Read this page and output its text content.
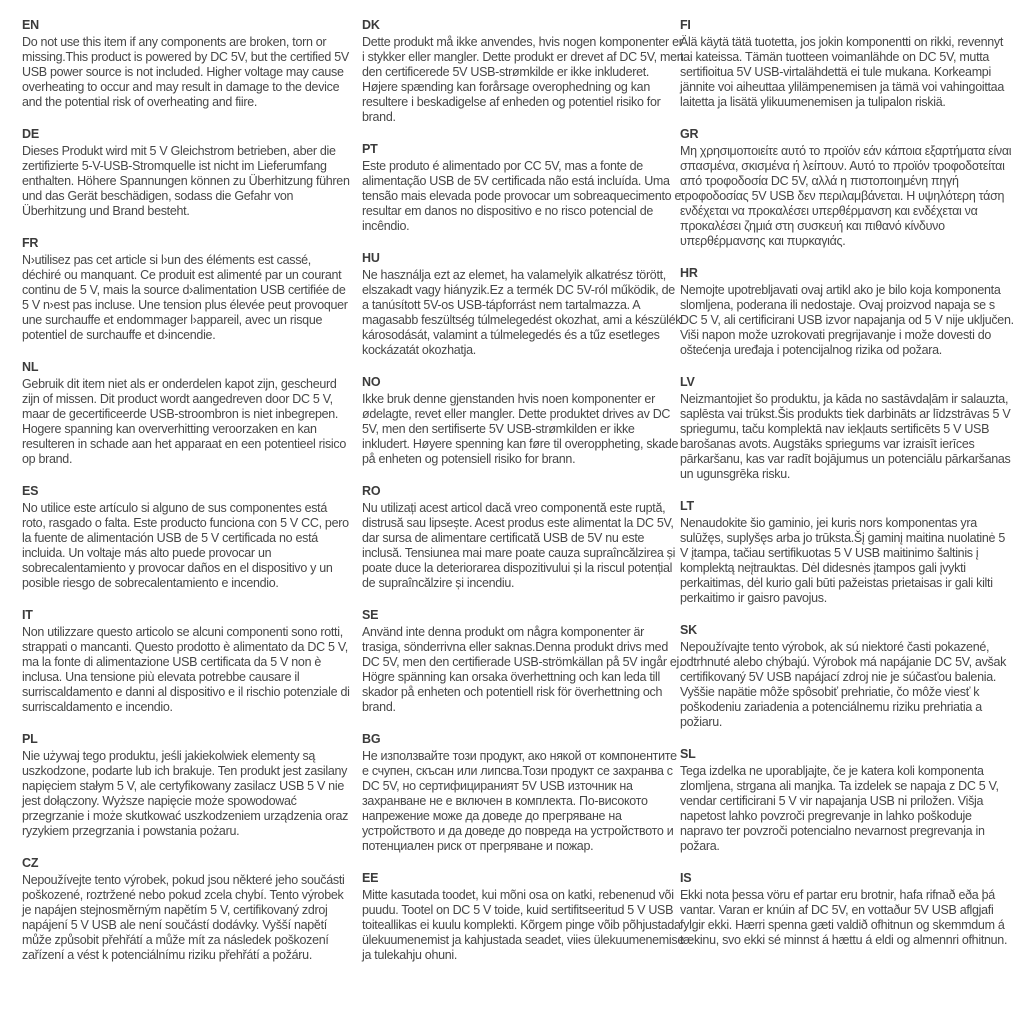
EN

Do not use this item if any components are broken, torn or missing.This product is powered by DC 5V, but the certified 5V USB power source is not included. Higher voltage may cause overheating to occur and may result in damage to the device and the potential risk of overheating and fiire.

DE

Dieses Produkt wird mit 5 V Gleichstrom betrieben, aber die zertifizierte 5-V-USB-Stromquelle ist nicht im Lieferumfang enthalten. Höhere Spannungen können zu Überhitzung führen und das Gerät beschädigen, sodass die Gefahr von Überhitzung und Brand besteht.

FR

N›utilisez pas cet article si l›un des éléments est cassé, déchiré ou manquant. Ce produit est alimenté par un courant continu de 5 V, mais la source d›alimentation USB certifiée de 5 V n›est pas incluse. Une tension plus élevée peut provoquer une surchauffe et endommager l›appareil, avec un risque potentiel de surchauffe et d›incendie.

NL

Gebruik dit item niet als er onderdelen kapot zijn, gescheurd zijn of missen. Dit product wordt aangedreven door DC 5 V, maar de gecertificeerde USB-stroombron is niet inbegrepen. Hogere spanning kan oververhitting veroorzaken en kan resulteren in schade aan het apparaat en een potentieel risico op brand.

ES

No utilice este artículo si alguno de sus componentes está roto, rasgado o falta. Este producto funciona con 5 V CC, pero la fuente de alimentación USB de 5 V certificada no está incluida. Un voltaje más alto puede provocar un sobrecalentamiento y provocar daños en el dispositivo y un posible riesgo de sobrecalentamiento e incendio.

IT

Non utilizzare questo articolo se alcuni componenti sono rotti, strappati o mancanti. Questo prodotto è alimentato da DC 5 V, ma la fonte di alimentazione USB certificata da 5 V non è inclusa. Una tensione più elevata potrebbe causare il surriscaldamento e danni al dispositivo e il rischio potenziale di surriscaldamento e incendio.

PL

Nie używaj tego produktu, jeśli jakiekolwiek elementy są uszkodzone, podarte lub ich brakuje. Ten produkt jest zasilany napięciem stałym 5 V, ale certyfikowany zasilacz USB 5 V nie jest dołączony. Wyższe napięcie może spowodować przegrzanie i może skutkować uszkodzeniem urządzenia oraz ryzykiem przegrzania i powstania pożaru.

CZ

Nepoužívejte tento výrobek, pokud jsou některé jeho součásti poškozené, roztržené nebo pokud zcela chybí. Tento výrobek je napájen stejnosměrným napětím 5 V, certifikovaný zdroj napájení 5 V USB ale není součástí dodávky. Vyšší napětí může způsobit přehřátí a může mít za následek poškození zařízení a vést k potenciálnímu riziku přehřátí a požáru.

DK

Dette produkt må ikke anvendes, hvis nogen komponenter er i stykker eller mangler. Dette produkt er drevet af DC 5V, men den certificerede 5V USB-strømkilde er ikke inkluderet. Højere spænding kan forårsage overophedning og kan resultere i beskadigelse af enheden og potentiel risiko for brand.

PT

Este produto é alimentado por CC 5V, mas a fonte de alimentação USB de 5V certificada não está incluída. Uma tensão mais elevada pode provocar um sobreaquecimento e resultar em danos no dispositivo e no risco potencial de incêndio.

HU

Ne használja ezt az elemet, ha valamelyik alkatrész törött, elszakadt vagy hiányzik.Ez a termék DC 5V-ról működik, de a tanúsított 5V-os USB-tápforrást nem tartalmazza. A magasabb feszültség túlmelegedést okozhat, ami a készülék károsodását, valamint a túlmelegedés és a tűz esetleges kockázatát okozhatja.

NO

Ikke bruk denne gjenstanden hvis noen komponenter er ødelagte, revet eller mangler. Dette produktet drives av DC 5V, men den sertifiserte 5V USB-strømkilden er ikke inkludert. Høyere spenning kan føre til overoppheting, skade på enheten og potensiell risiko for brann.

RO

Nu utilizați acest articol dacă vreo componentă este ruptă, distrusă sau lipsește. Acest produs este alimentat la DC 5V, dar sursa de alimentare certificată USB de 5V nu este inclusă. Tensiunea mai mare poate cauza supraîncălzirea și poate duce la deteriorarea dispozitivului și la riscul potențial de supraîncălzire și incendiu.

SE

Använd inte denna produkt om några komponenter är trasiga, sönderrivna eller saknas.Denna produkt drivs med DC 5V, men den certifierade USB-strömkällan på 5V ingår ej. Högre spänning kan orsaka överhettning och kan leda till skador på enheten och potentiell risk för överhettning och brand.

BG

Не използвайте този продукт, ако някой от компонентите е счупен, скъсан или липсва.Този продукт се захранва с DC 5V, но сертифицираният 5V USB източник на захранване не е включен в комплекта. По-високото напрежение може да доведе до прегряване на устройството и да доведе до повреда на устройството и потенциален риск от прегряване и пожар.

EE

Mitte kasutada toodet, kui mõni osa on katki, rebenenud või puudu. Tootel on DC 5 V toide, kuid sertifitseeritud 5 V USB toiteallikas ei kuulu komplekti. Kõrgem pinge võib põhjustada ülekuumenemist ja kahjustada seadet, viies ülekuumenemise ja tulekahju ohuni.

FI

Älä käytä tätä tuotetta, jos jokin komponentti on rikki, revennyt tai kateissa. Tämän tuotteen voimanlähde on DC 5V, mutta sertifioitua 5V USB-virtalähdettä ei tule mukana. Korkeampi jännite voi aiheuttaa ylilämpenemisen ja tämä voi vahingoittaa laitetta ja lisätä ylikuumenemisen ja tulipalon riskiä.

GR

Μη χρησιμοποιείτε αυτό το προϊόν εάν κάποια εξαρτήματα είναι σπασμένα, σκισμένα ή λείπουν. Αυτό το προϊόν τροφοδοτείται από τροφοδοσία DC 5V, αλλά η πιστοποιημένη πηγή τροφοδοσίας 5V USB δεν περιλαμβάνεται. Η υψηλότερη τάση ενδέχεται να προκαλέσει υπερθέρμανση και ενδέχεται να προκαλέσει ζημιά στη συσκευή και πιθανό κίνδυνο υπερθέρμανσης και πυρκαγιάς.

HR

Nemojte upotrebljavati ovaj artikl ako je bilo koja komponenta slomljena, poderana ili nedostaje. Ovaj proizvod napaja se s DC 5 V, ali certificirani USB izvor napajanja od 5 V nije uključen. Viši napon može uzrokovati pregrijavanje i može dovesti do oštećenja uređaja i potencijalnog rizika od požara.

LV

Neizmantojiet šo produktu, ja kāda no sastāvdaļām ir salauzta, saplēsta vai trūkst.Šis produkts tiek darbināts ar līdzstrāvas 5 V spriegumu, taču komplektā nav iekļauts sertificēts 5 V USB barošanas avots. Augstāks spriegums var izraisīt ierīces pārkaršanu, kas var radīt bojājumus un potenciālu pārkaršanas un ugunsgrēka risku.

LT

Nenaudokite šio gaminio, jei kuris nors komponentas yra sulūžęs, suplyšęs arba jo trūksta.Šį gaminį maitina nuolatinė 5 V įtampa, tačiau sertifikuotas 5 V USB maitinimo šaltinis į komplektą neįtrauktas. Dėl didesnės įtampos gali įvykti perkaitimas, dėl kurio gali būti pažeistas prietaisas ir gali kilti perkaitimo ir gaisro pavojus.

SK

Nepoužívajte tento výrobok, ak sú niektoré časti pokazené, odtrhnuté alebo chýbajú. Výrobok má napájanie DC 5V, avšak certifikovaný 5V USB napájací zdroj nie je súčasťou balenia. Vyššie napätie môže spôsobiť prehriatie, čo môže viesť k poškodeniu zariadenia a potenciálnemu riziku prehriatia a požiaru.

SL

Tega izdelka ne uporabljajte, če je katera koli komponenta zlomljena, strgana ali manjka. Ta izdelek se napaja z DC 5 V, vendar certificirani 5 V vir napajanja USB ni priložen. Višja napetost lahko povzroči pregrevanje in lahko poškoduje napravo ter povzroči potencialno nevarnost pregrevanja in požara.

IS

Ekki nota þessa vöru ef partar eru brotnir, hafa rifnað eða þá vantar. Varan er knúin af DC 5V, en vottaður 5V USB aflgjafi fylgir ekki. Hærri spenna gæti valdið ofhitnun og skemmdum á tækinu, svo ekki sé minnst á hættu á eldi og almennri ofhitnun.
